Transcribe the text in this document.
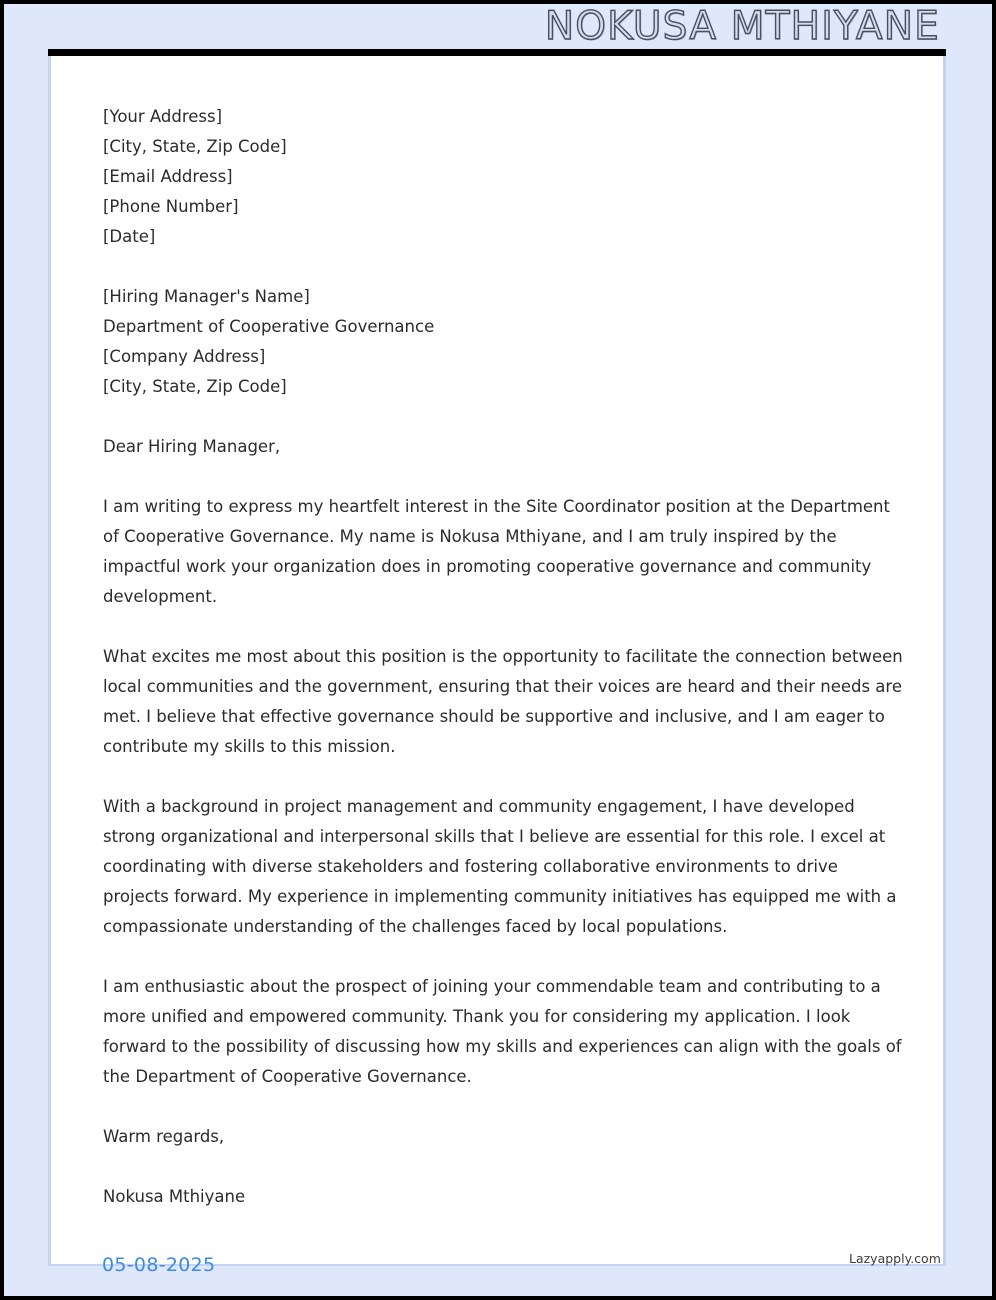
NOKUSA MTHIYANE
[Your Address]
[City, State, Zip Code]
[Email Address]
[Phone Number]
[Date]
[Hiring Manager's Name]
Department of Cooperative Governance
[Company Address]
[City, State, Zip Code]

Dear Hiring Manager,

I am writing to express my heartfelt interest in the Site Coordinator position at the Department of Cooperative Governance. My name is Nokusa Mthiyane, and I am truly inspired by the impactful work your organization does in promoting cooperative governance and community development.

What excites me most about this position is the opportunity to facilitate the connection between local communities and the government, ensuring that their voices are heard and their needs are met. I believe that effective governance should be supportive and inclusive, and I am eager to contribute my skills to this mission.

With a background in project management and community engagement, I have developed strong organizational and interpersonal skills that I believe are essential for this role. I excel at coordinating with diverse stakeholders and fostering collaborative environments to drive projects forward. My experience in implementing community initiatives has equipped me with a compassionate understanding of the challenges faced by local populations.

I am enthusiastic about the prospect of joining your commendable team and contributing to a more unified and empowered community. Thank you for considering my application. I look forward to the possibility of discussing how my skills and experiences can align with the goals of the Department of Cooperative Governance.

Warm regards,

Nokusa Mthiyane

05-08-2025	Lazyapply.com
